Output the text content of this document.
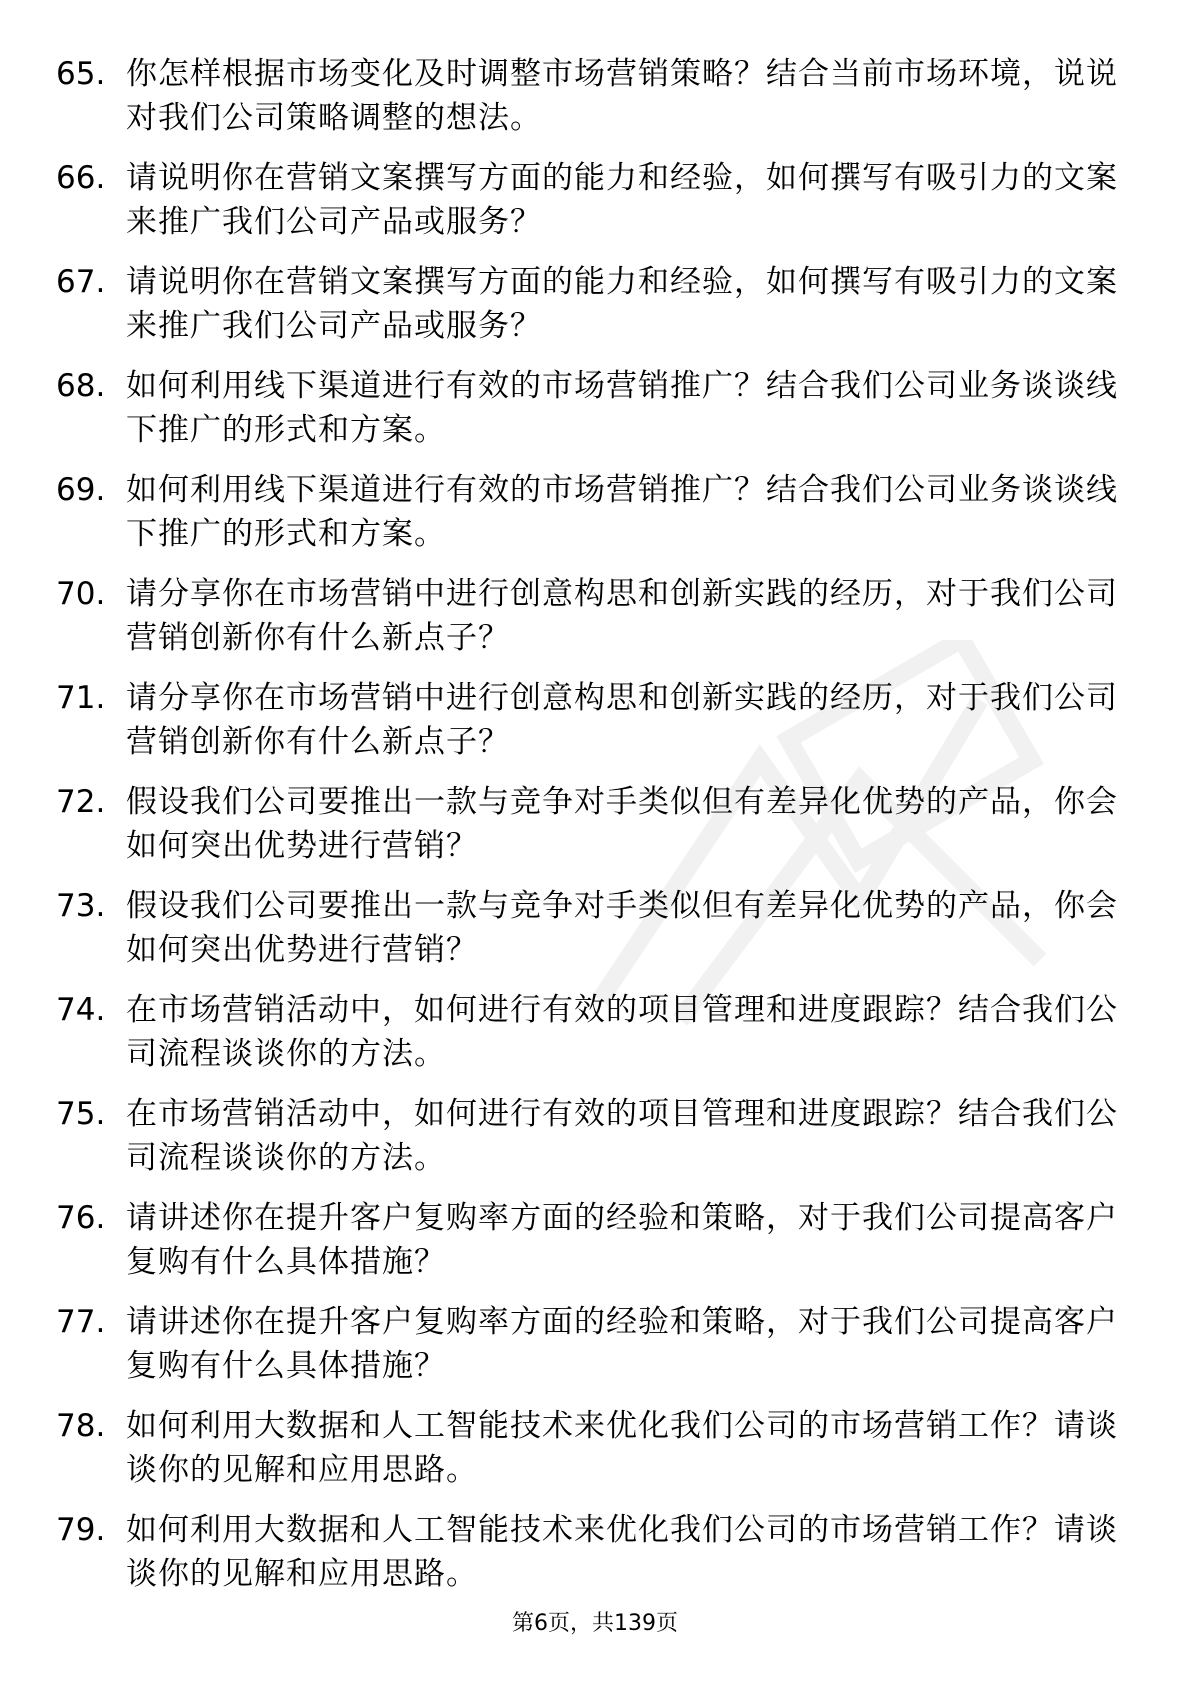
65. 你怎样根据市场变化及时调整市场营销策略？结合当前市场环境，说说对我们公司策略调整的想法。
66. 请说明你在营销文案撰写方面的能力和经验，如何撰写有吸引力的文案来推广我们公司产品或服务？
67. 请说明你在营销文案撰写方面的能力和经验，如何撰写有吸引力的文案来推广我们公司产品或服务？
68. 如何利用线下渠道进行有效的市场营销推广？结合我们公司业务谈谈线下推广的形式和方案。
69. 如何利用线下渠道进行有效的市场营销推广？结合我们公司业务谈谈线下推广的形式和方案。
70. 请分享你在市场营销中进行创意构思和创新实践的经历，对于我们公司营销创新你有什么新点子？
71. 请分享你在市场营销中进行创意构思和创新实践的经历，对于我们公司营销创新你有什么新点子？
72. 假设我们公司要推出一款与竞争对手类似但有差异化优势的产品，你会如何突出优势进行营销？
73. 假设我们公司要推出一款与竞争对手类似但有差异化优势的产品，你会如何突出优势进行营销？
74. 在市场营销活动中，如何进行有效的项目管理和进度跟踪？结合我们公司流程谈谈你的方法。
75. 在市场营销活动中，如何进行有效的项目管理和进度跟踪？结合我们公司流程谈谈你的方法。
76. 请讲述你在提升客户复购率方面的经验和策略，对于我们公司提高客户复购有什么具体措施？
77. 请讲述你在提升客户复购率方面的经验和策略，对于我们公司提高客户复购有什么具体措施？
78. 如何利用大数据和人工智能技术来优化我们公司的市场营销工作？请谈谈你的见解和应用思路。
79. 如何利用大数据和人工智能技术来优化我们公司的市场营销工作？请谈谈你的见解和应用思路。
第6页，共139页
